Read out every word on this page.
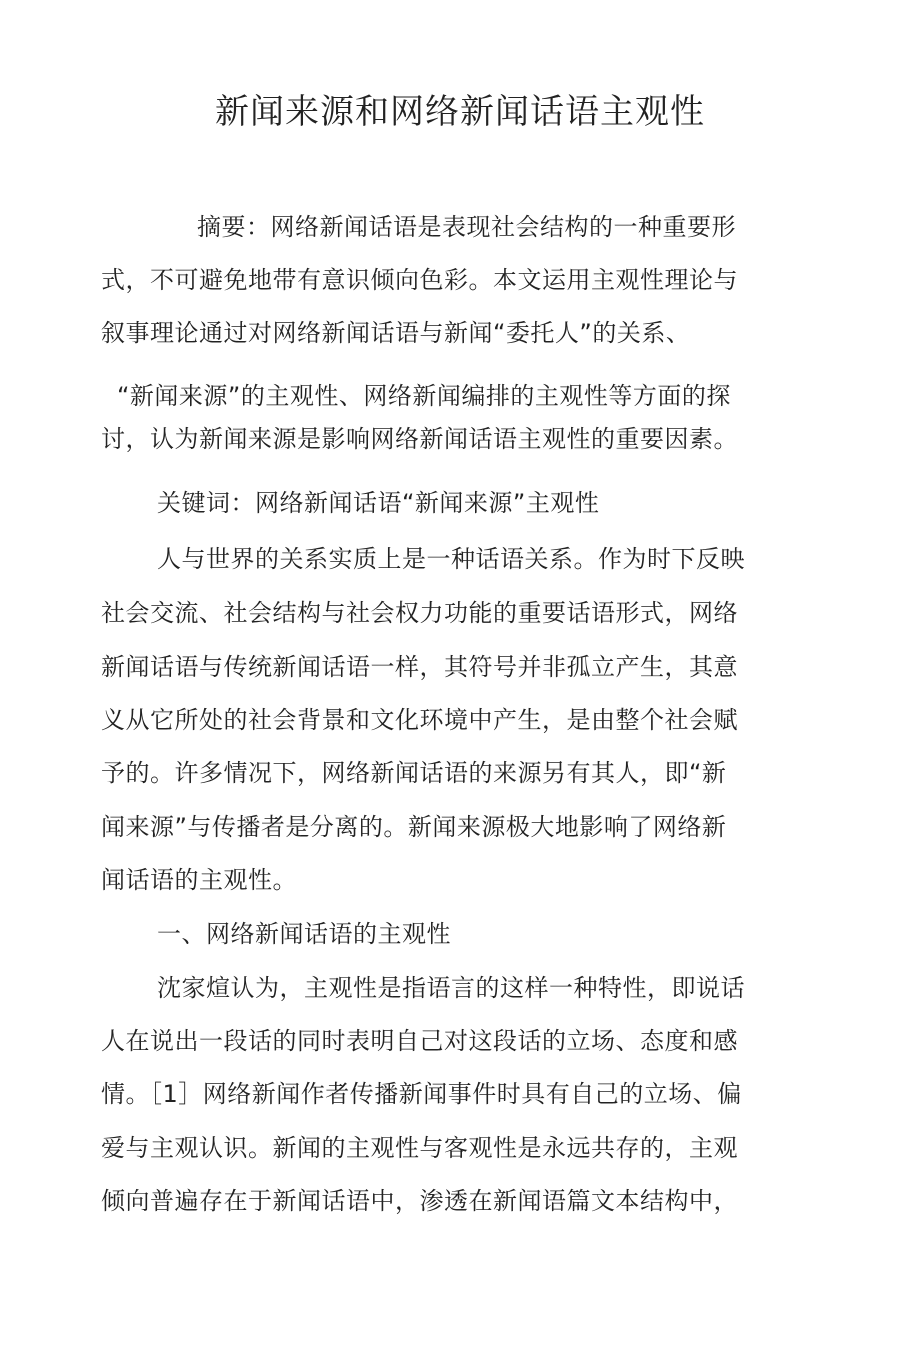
新闻来源和网络新闻话语主观性
摘要：网络新闻话语是表现社会结构的一种重要形
式，不可避免地带有意识倾向色彩。本文运用主观性理论与
叙事理论通过对网络新闻话语与新闻“委托人”的关系、
“新闻来源”的主观性、网络新闻编排的主观性等方面的探
讨，认为新闻来源是影响网络新闻话语主观性的重要因素。
关键词：网络新闻话语“新闻来源”主观性
人与世界的关系实质上是一种话语关系。作为时下反映
社会交流、社会结构与社会权力功能的重要话语形式，网络
新闻话语与传统新闻话语一样，其符号并非孤立产生，其意
义从它所处的社会背景和文化环境中产生，是由整个社会赋
予的。许多情况下，网络新闻话语的来源另有其人，即“新
闻来源”与传播者是分离的。新闻来源极大地影响了网络新
闻话语的主观性。
一、网络新闻话语的主观性
沈家煊认为，主观性是指语言的这样一种特性，即说话
人在说出一段话的同时表明自己对这段话的立场、态度和感
情。［1］网络新闻作者传播新闻事件时具有自己的立场、偏
爱与主观认识。新闻的主观性与客观性是永远共存的，主观
倾向普遍存在于新闻话语中，渗透在新闻语篇文本结构中，
